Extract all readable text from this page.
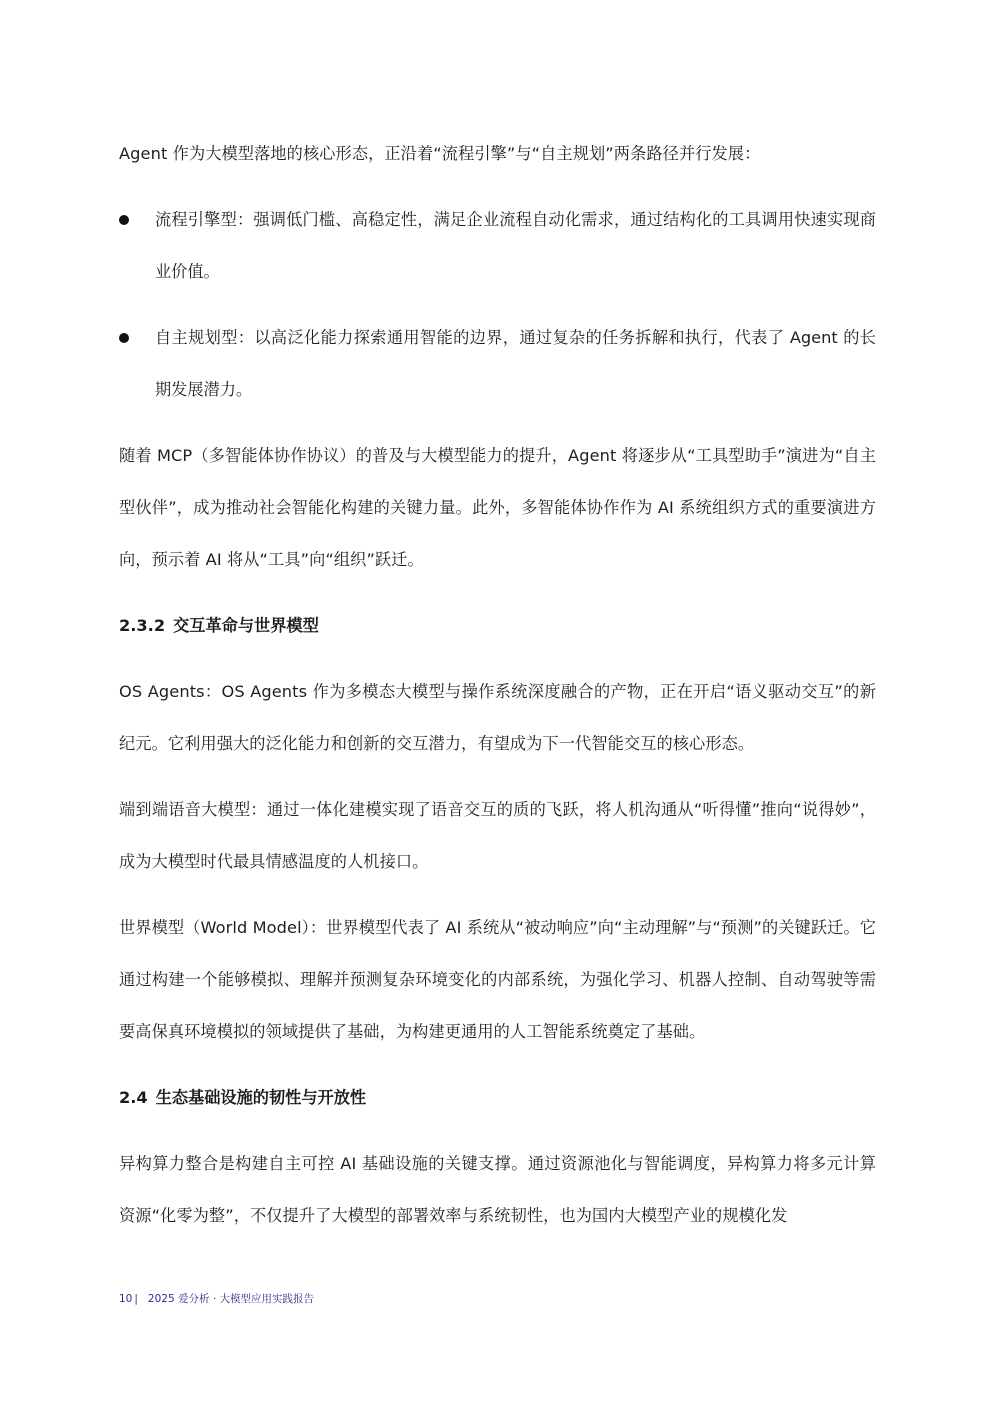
Agent 作为大模型落地的核心形态，正沿着“流程引擎”与“自主规划”两条路径并行发展：

流程引擎型：强调低门槛、高稳定性，满足企业流程自动化需求，通过结构化的工具调用快速实现商业价值。
自主规划型：以高泛化能力探索通用智能的边界，通过复杂的任务拆解和执行，代表了 Agent 的长期发展潜力。

随着 MCP（多智能体协作协议）的普及与大模型能力的提升，Agent 将逐步从“工具型助手”演进为“自主型伙伴”，成为推动社会智能化构建的关键力量。此外，多智能体协作作为 AI 系统组织方式的重要演进方向，预示着 AI 将从“工具”向“组织”跃迁。

2.3.2 交互革命与世界模型

OS Agents：OS Agents 作为多模态大模型与操作系统深度融合的产物，正在开启“语义驱动交互”的新纪元。它利用强大的泛化能力和创新的交互潜力，有望成为下一代智能交互的核心形态。

端到端语音大模型：通过一体化建模实现了语音交互的质的飞跃，将人机沟通从“听得懂”推向“说得妙”，成为大模型时代最具情感温度的人机接口。

世界模型（World Model）：世界模型代表了 AI 系统从“被动响应”向“主动理解”与“预测”的关键跃迁。它通过构建一个能够模拟、理解并预测复杂环境变化的内部系统，为强化学习、机器人控制、自动驾驶等需要高保真环境模拟的领域提供了基础，为构建更通用的人工智能系统奠定了基础。

2.4 生态基础设施的韧性与开放性

异构算力整合是构建自主可控 AI 基础设施的关键支撑。通过资源池化与智能调度，异构算力将多元计算资源“化零为整”，不仅提升了大模型的部署效率与系统韧性，也为国内大模型产业的规模化发

10 | 2025 爱分析 · 大模型应用实践报告
